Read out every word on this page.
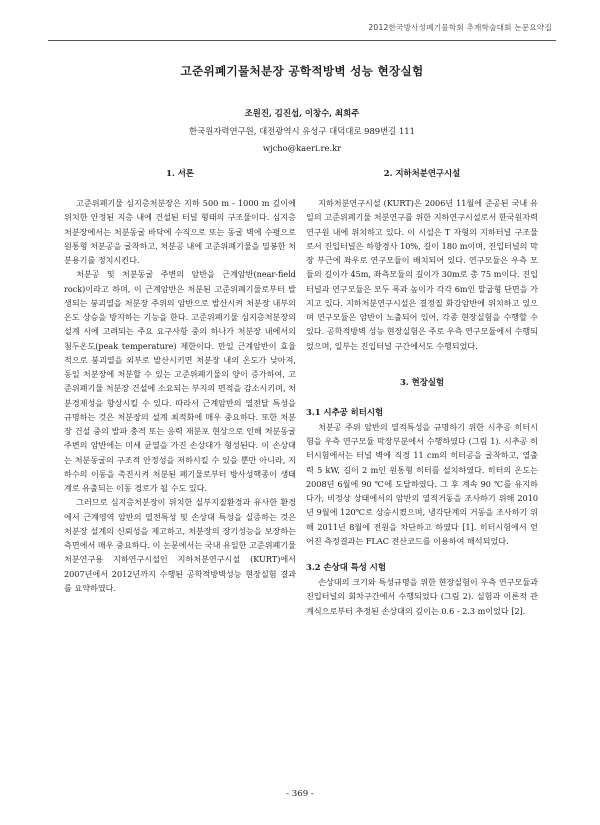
2012한국방사성폐기물학회 추계학술대회 논문요약집
고준위폐기물처분장 공학적방벽 성능 현장실험
조원진, 김진섭, 이창수, 최희주
한국원자력연구원, 대전광역시 유성구 대덕대로 989번길 111
wjcho@kaeri.re.kr
1. 서론

고준위폐기물 심지층처분장은 지하 500 m - 1000 m 깊이에 위치한 안정된 지층 내에 건설된 터널 형태의 구조물이다. 심지층처분장에서는 처분동굴 바닥에 수직으로 또는 동굴 벽에 수평으로 원통형 처분공을 굴착하고, 처분공 내에 고준위폐기물을 밀봉한 처분용기를 정치시킨다.

처분공 및 처분동굴 주변의 암반을 근계암반(near-field rock)이라고 하며, 이 근계암반은 처분된 고준위폐기물로부터 발생되는 붕괴열을 처분장 주위의 암반으로 발산시켜 처분장 내부의 온도 상승을 방지하는 기능을 한다. 고준위폐기물 심지층처분장의 설계 시에 고려되는 주요 요구사항 중의 하나가 처분장 내에서의 첨두온도(peak temperature) 제한이다. 만일 근계암반이 효율적으로 붕괴열을 외부로 발산시키면 처분장 내의 온도가 낮아져, 동일 처분장에 처분할 수 있는 고준위폐기물의 양이 증가하여, 고준위폐기물 처분장 건설에 소요되는 부지의 면적을 감소시키며, 처분경제성을 향상시킬 수 있다. 따라서 근계암반의 열전달 특성을 규명하는 것은 처분장의 설계 최적화에 매우 중요하다. 또한 처분장 건설 중의 발파 충격 또는 응력 재분포 현상으로 인해 처분동굴 주변의 암반에는 미세 균열을 가진 손상대가 형성된다. 이 손상대는 처분동굴의 구조적 안정성을 저하시킬 수 있을 뿐만 아니라, 지하수의 이동을 촉진시켜 처분된 폐기물로부터 방사성핵종이 생태계로 유출되는 이동 경로가 될 수도 있다.

그러므로 심지층처분장이 위치한 실부지질환경과 유사한 환경에서 근계영역 암반의 열전특성 및 손상대 특성을 실증하는 것은 처분장 설계의 신뢰성을 제고하고, 처분장의 장기성능을 보장하는 측면에서 매우 중요하다. 이 논문에서는 국내 유일한 고준위폐기물처분연구용 지하연구시설인 지하처분연구시설 (KURT)에서 2007년에서 2012년까지 수행된 공학적방벽성능 현장실험 결과를 요약하였다.

2. 지하처분연구시설

지하처분연구시설 (KURT)은 2006년 11월에 준공된 국내 유일의 고준위폐기물 처분연구를 위한 지하연구시설로서 한국원자력연구원 내에 위치하고 있다. 이 시설은 T 자형의 지하터널 구조물로서 진입터널은 하향경사 10%, 길이 180 m이며, 진입터널의 막장 부근에 좌우로 연구모듈이 배치되어 있다. 연구모듈은 우측 모듈의 길이가 45m, 좌측모듈의 길이가 30m로 총 75 m이다. 진입터널과 연구모듈은 모두 폭과 높이가 각각 6m인 말굽형 단면을 가지고 있다. 지하처분연구시설은 결정질 화강암반에 위치하고 있으며 연구모듈은 암반이 노출되어 있어, 각종 현장실험을 수행할 수 있다. 공학적방벽 성능 현장실험은 주로 우측 연구모듈에서 수행되었으며, 일부는 진입터널 구간에서도 수행되었다.

3. 현장실험
3.1 시추공 히터시험

처분공 주위 암반의 열적특성을 규명하기 위한 시추공 히터시험을 우측 연구모듈 막장부분에서 수행하였다 (그림 1). 시추공 히터시험에서는 터널 벽에 직경 11 cm의 히터공을 굴착하고, 열출력 5 kW, 길이 2 m인 원통형 히터를 설치하였다. 히터의 온도는 2008년 6월에 90 ℃에 도달하였다. 그 후 계속 90 ℃를 유지하다가, 비정상 상태에서의 암반의 열적거동을 조사하기 위해 2010년 9월에 120℃로 상승시켰으며, 냉각단계의 거동을 조사하기 위해 2011년 8월에 전원을 차단하고 하였다 [1]. 히터시험에서 얻어진 측정결과는 FLAC 전산코드를 이용하여 해석되었다.

3.2 손상대 특성 시험

손상대의 크기와 특성규명을 위한 현장실험이 우측 연구모듈과 진입터널의 회차구간에서 수행되었다 (그림 2). 실험과 이론적 관계식으로부터 추정된 손상대의 깊이는 0.6 - 2.3 m이었다 [2].

- 369 -
